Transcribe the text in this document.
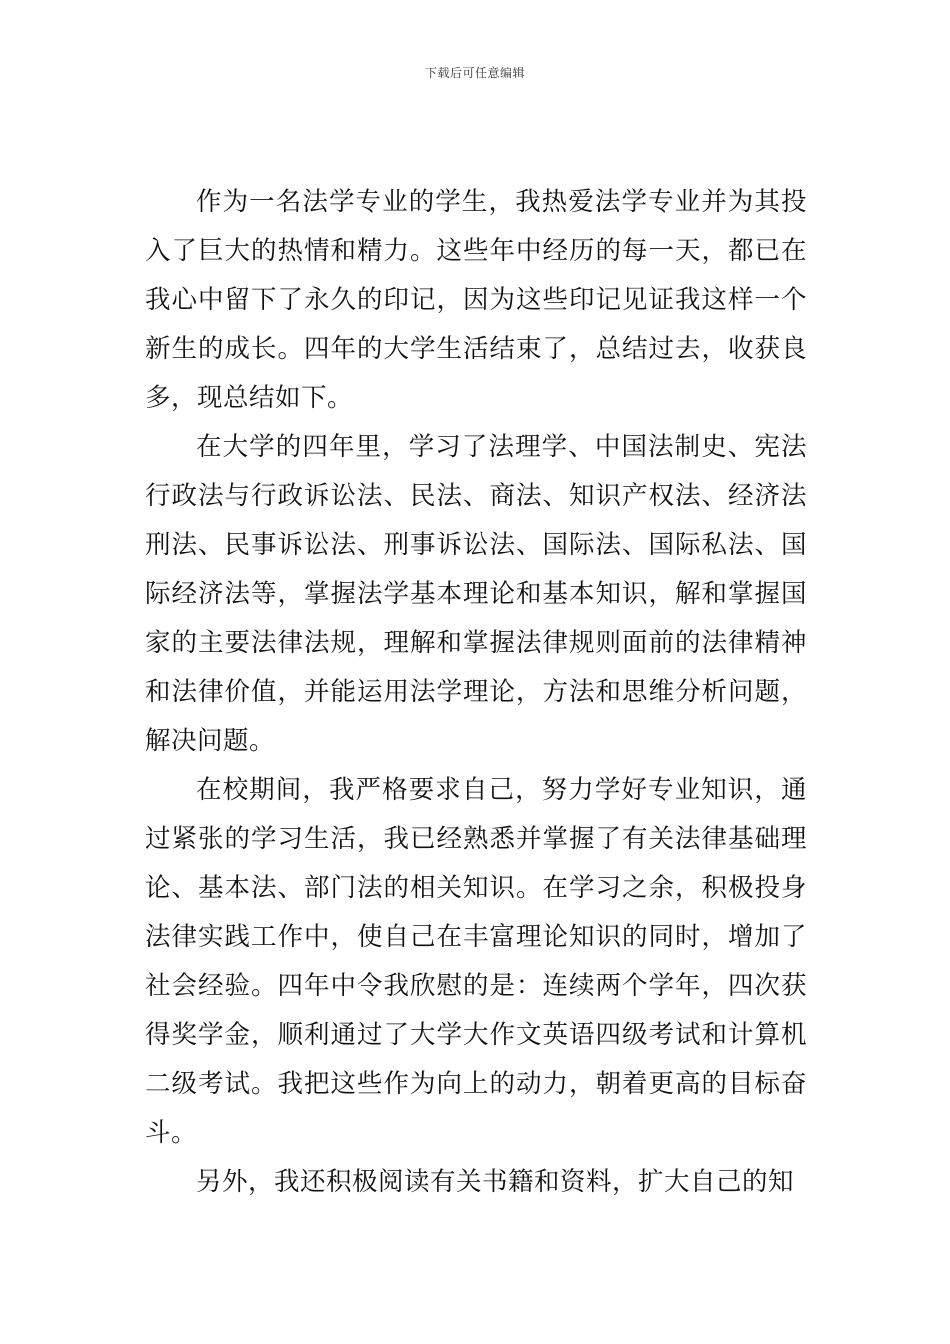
下载后可任意编辑

作为一名法学专业的学生，我热爱法学专业并为其投入了巨大的热情和精力。这些年中经历的每一天，都已在我心中留下了永久的印记，因为这些印记见证我这样一个新生的成长。四年的大学生活结束了，总结过去，收获良多，现总结如下。

在大学的四年里，学习了法理学、中国法制史、宪法行政法与行政诉讼法、民法、商法、知识产权法、经济法刑法、民事诉讼法、刑事诉讼法、国际法、国际私法、国际经济法等，掌握法学基本理论和基本知识，解和掌握国家的主要法律法规，理解和掌握法律规则面前的法律精神和法律价值，并能运用法学理论，方法和思维分析问题，解决问题。

在校期间，我严格要求自己，努力学好专业知识，通过紧张的学习生活，我已经熟悉并掌握了有关法律基础理论、基本法、部门法的相关知识。在学习之余，积极投身法律实践工作中，使自己在丰富理论知识的同时，增加了社会经验。四年中令我欣慰的是：连续两个学年，四次获得奖学金，顺利通过了大学大作文英语四级考试和计算机二级考试。我把这些作为向上的动力，朝着更高的目标奋斗。

另外，我还积极阅读有关书籍和资料，扩大自己的知
